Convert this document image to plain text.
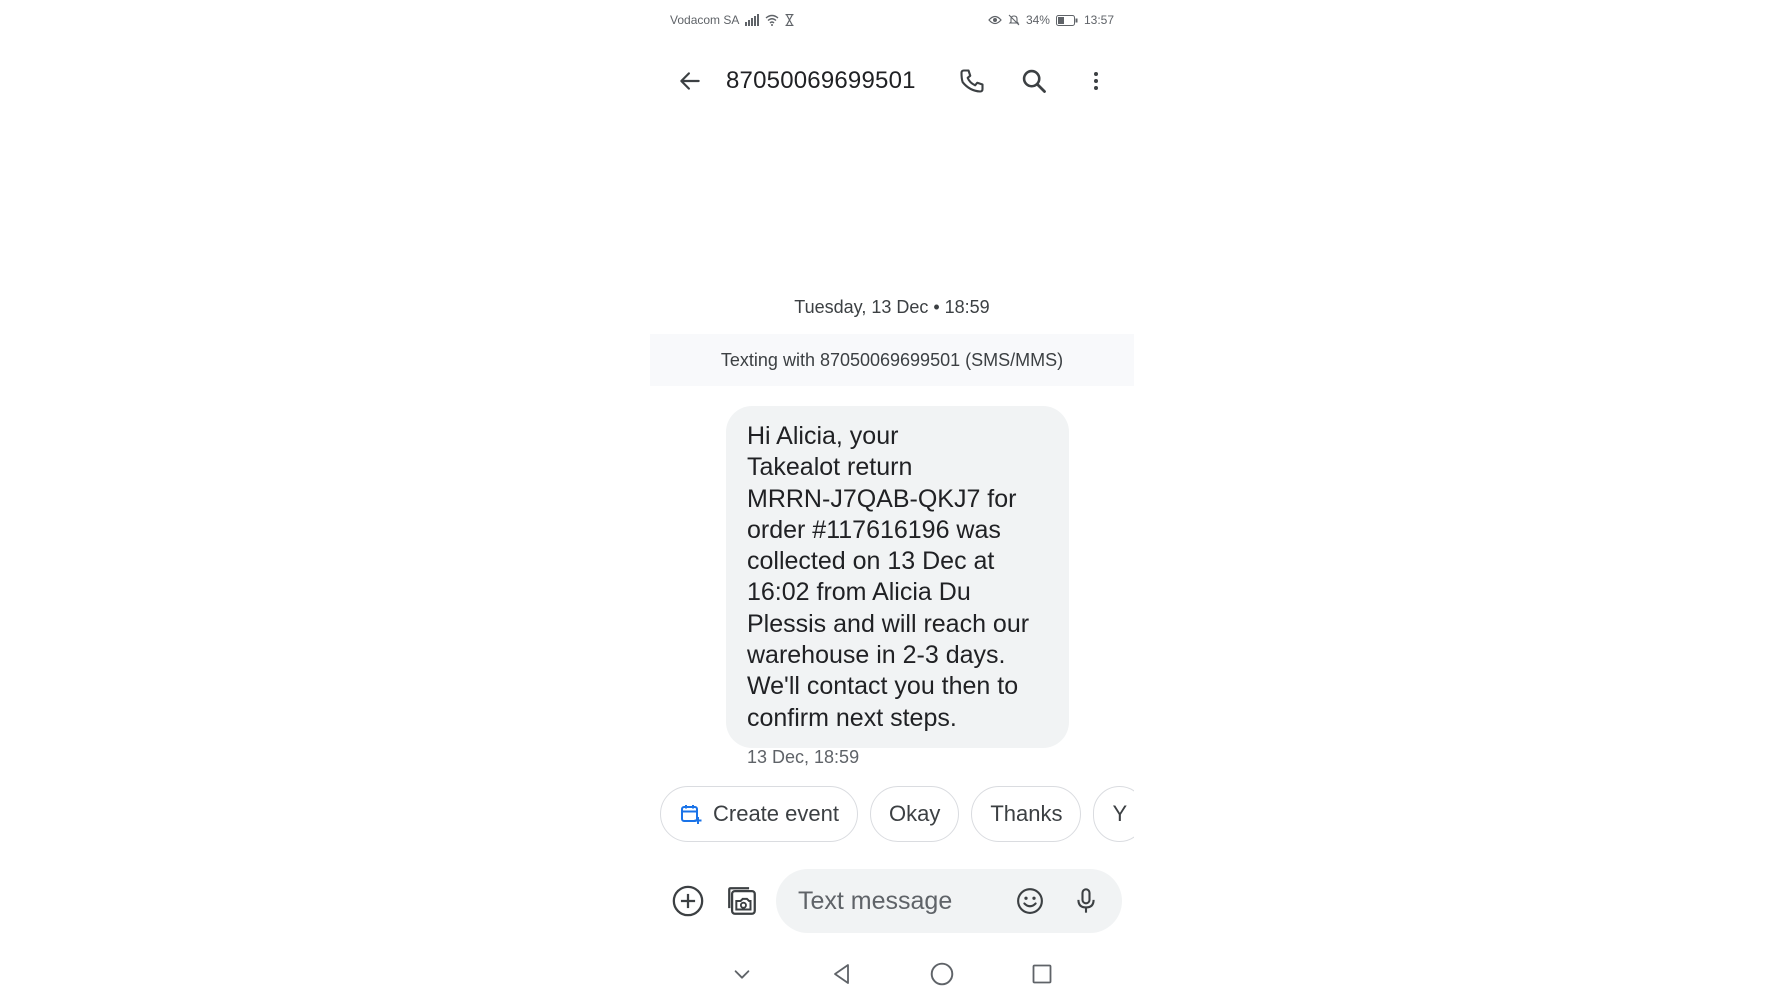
Vodacom SA	34%	13:57
87050069699501
Tuesday, 13 Dec • 18:59
Texting with 87050069699501 (SMS/MMS)
Hi Alicia, your
Takealot return
MRRN-J7QAB-QKJ7 for
order #117616196 was
collected on 13 Dec at
16:02 from Alicia Du
Plessis and will reach our
warehouse in 2-3 days.
We'll contact you then to
confirm next steps.
13 Dec, 18:59
Create event Okay Thanks Y
Text message
